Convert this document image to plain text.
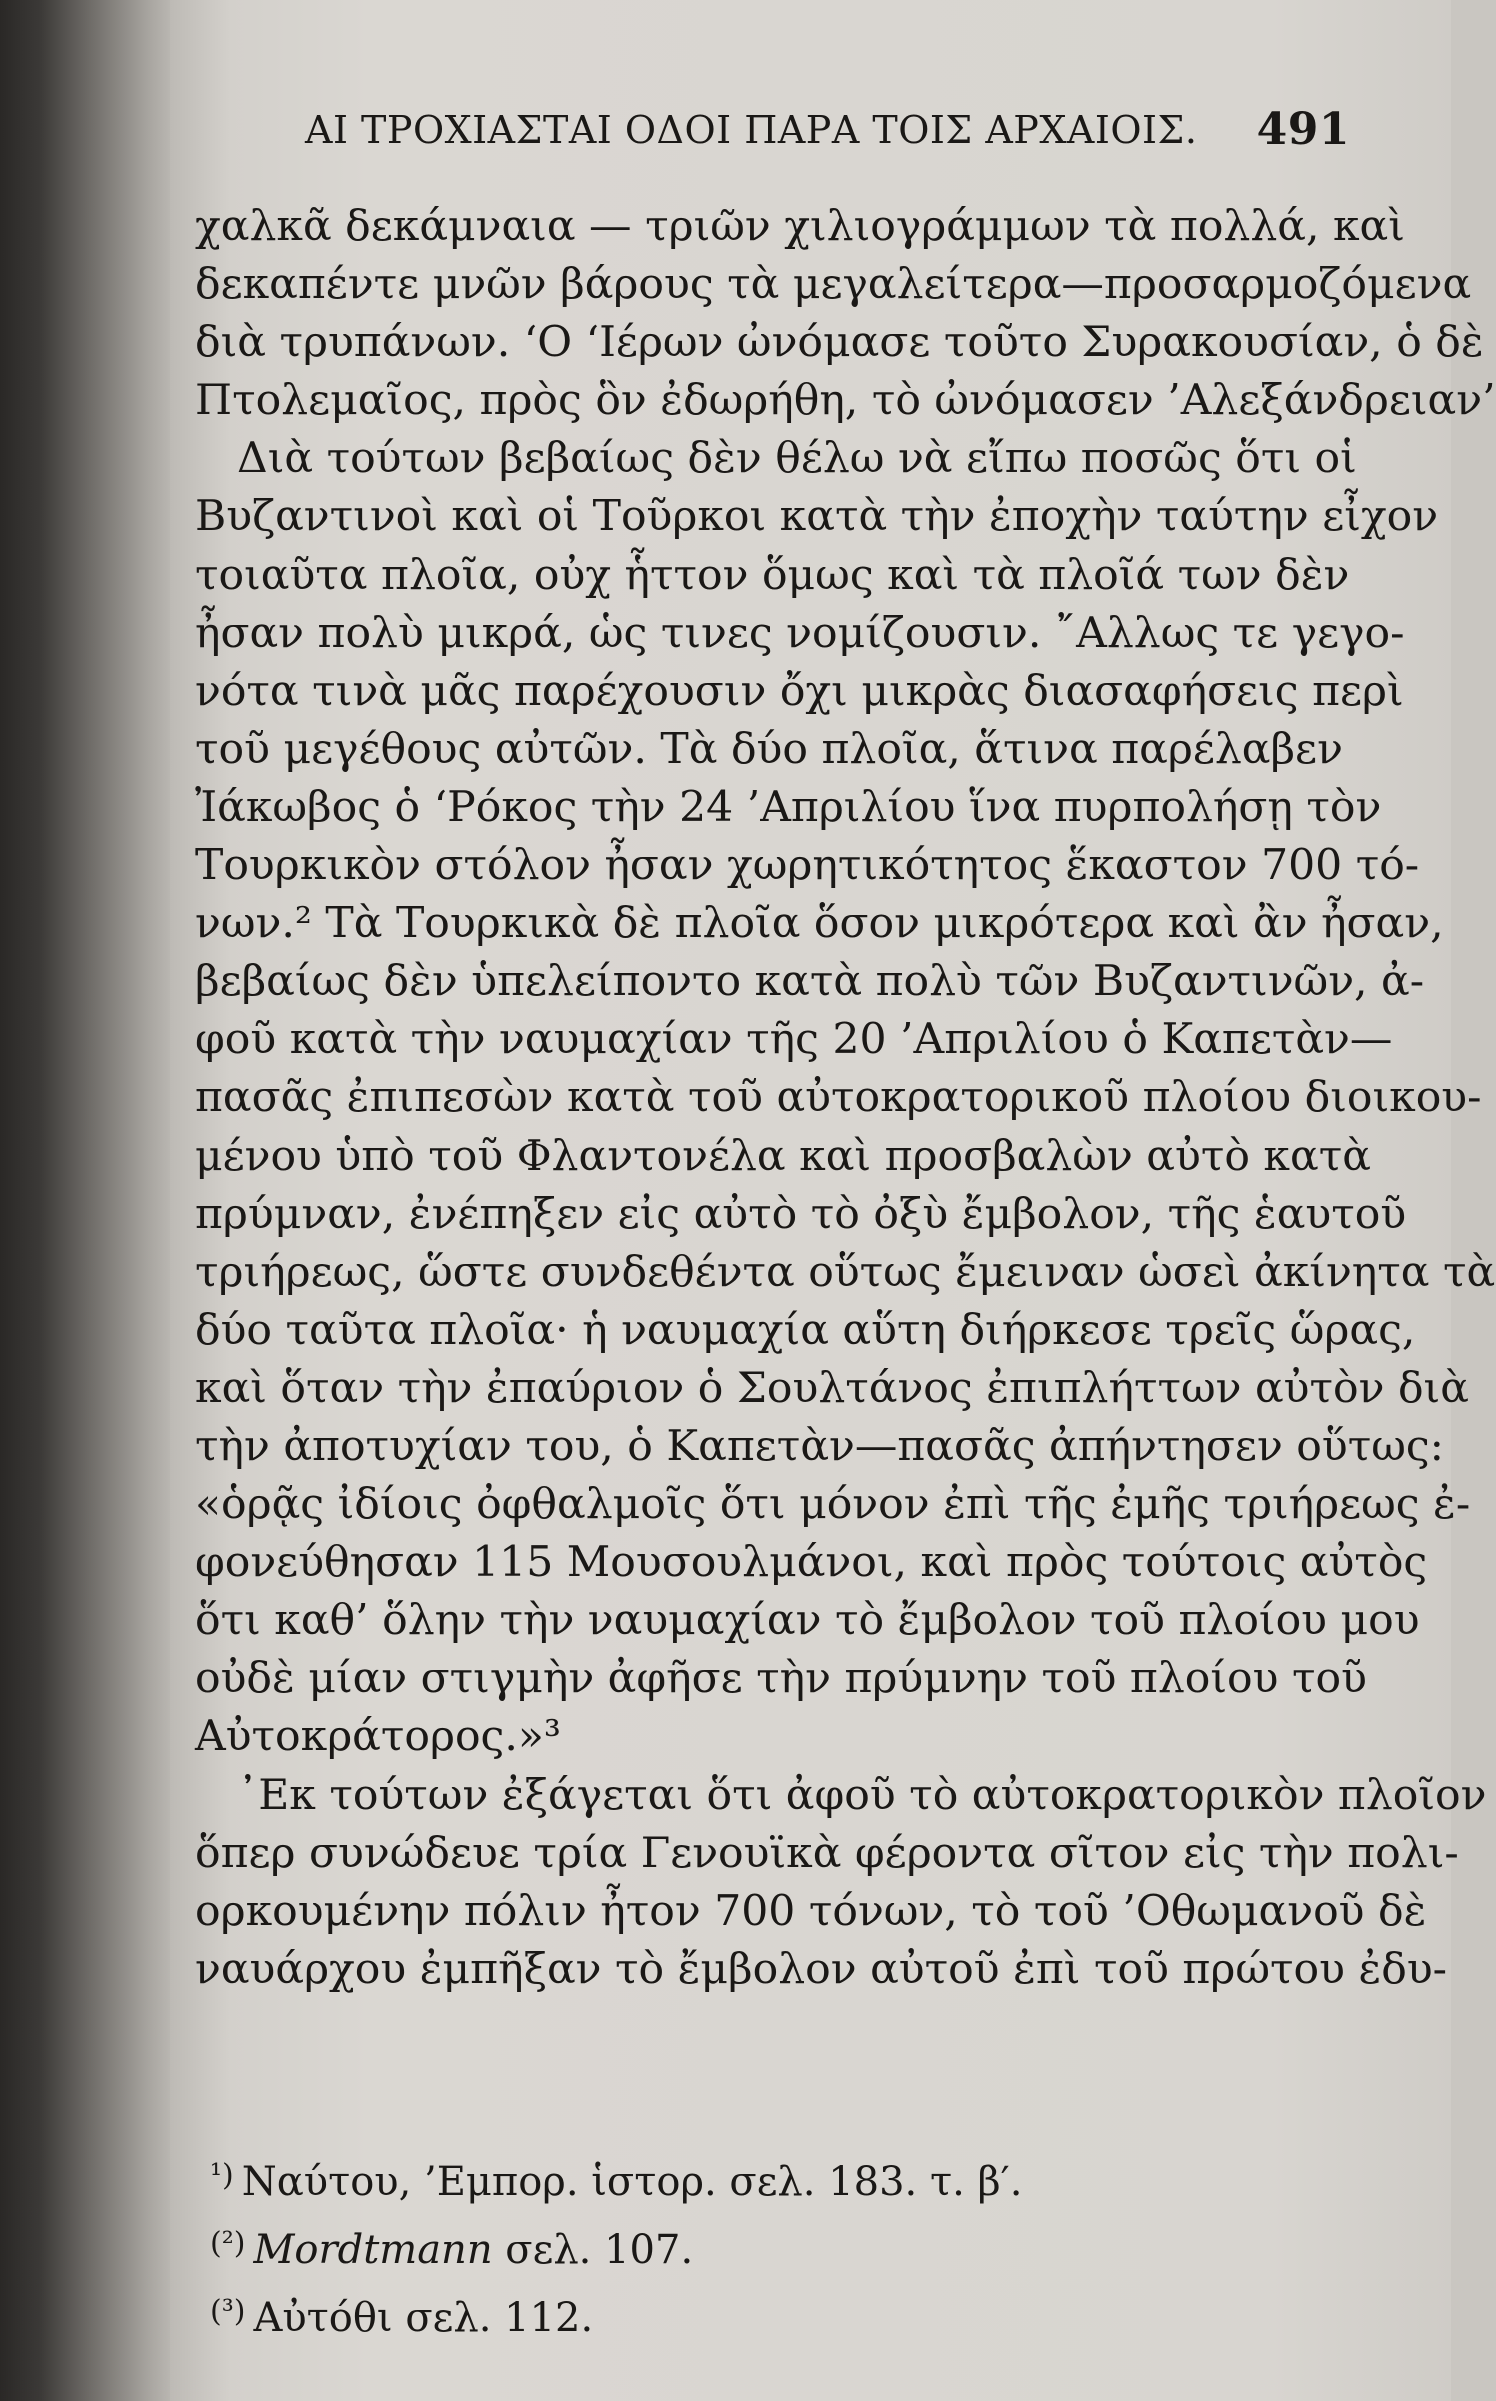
ΑΙ ΤΡΟΧΙΑΣΤΑΙ ΟΔΟΙ ΠΑΡΑ ΤΟΙΣ ΑΡΧΑΙΟΙΣ. 491
χαλκᾶ δεκάμναια — τριῶν χιλιογράμμων τὰ πολλά, καὶ
δεκαπέντε μνῶν βάρους τὰ μεγαλείτερα—προσαρμοζόμενα
διὰ τρυπάνων. ‘Ο ‘Ιέρων ὠνόμασε τοῦτο Συρακουσίαν, ὁ δὲ
Πτολεμαῖος, πρὸς ὃν ἐδωρήθη, τὸ ὠνόμασεν ’Αλεξάνδρειαν’
Διὰ τούτων βεβαίως δὲν θέλω νὰ εἴπω ποσῶς ὅτι οἱ
Βυζαντινοὶ καὶ οἱ Τοῦρκοι κατὰ τὴν ἐποχὴν ταύτην εἶχον
τοιαῦτα πλοῖα, οὐχ ἧττον ὅμως καὶ τὰ πλοῖά των δὲν
ἦσαν πολὺ μικρά, ὡς τινες νομίζουσιν. ῎Αλλως τε γεγο-
νότα τινὰ μᾶς παρέχουσιν ὄχι μικρὰς διασαφήσεις περὶ
τοῦ μεγέθους αὐτῶν. Τὰ δύο πλοῖα, ἅτινα παρέλαβεν
Ἰάκωβος ὁ ‘Ρόκος τὴν 24 ’Απριλίου ἵνα πυρπολήσῃ τὸν
Τουρκικὸν στόλον ἦσαν χωρητικότητος ἕκαστον 700 τό-
νων.² Τὰ Τουρκικὰ δὲ πλοῖα ὅσον μικρότερα καὶ ἂν ἦσαν,
βεβαίως δὲν ὑπελείποντο κατὰ πολὺ τῶν Βυζαντινῶν, ἀ-
φοῦ κατὰ τὴν ναυμαχίαν τῆς 20 ’Απριλίου ὁ Καπετὰν—
πασᾶς ἐπιπεσὼν κατὰ τοῦ αὐτοκρατορικοῦ πλοίου διοικου-
μένου ὑπὸ τοῦ Φλαντονέλα καὶ προσβαλὼν αὐτὸ κατὰ
πρύμναν, ἐνέπηξεν εἰς αὐτὸ τὸ ὀξὺ ἔμβολον, τῆς ἑαυτοῦ
τριήρεως, ὥστε συνδεθέντα οὕτως ἔμειναν ὡσεὶ ἀκίνητα τὰ
δύο ταῦτα πλοῖα· ἡ ναυμαχία αὕτη διήρκεσε τρεῖς ὥρας,
καὶ ὅταν τὴν ἐπαύριον ὁ Σουλτάνος ἐπιπλήττων αὐτὸν διὰ
τὴν ἀποτυχίαν του, ὁ Καπετὰν—πασᾶς ἀπήντησεν οὕτως:
«ὁρᾷς ἰδίοις ὀφθαλμοῖς ὅτι μόνον ἐπὶ τῆς ἐμῆς τριήρεως ἐ-
φονεύθησαν 115 Μουσουλμάνοι, καὶ πρὸς τούτοις αὐτὸς
ὅτι καθ’ ὅλην τὴν ναυμαχίαν τὸ ἔμβολον τοῦ πλοίου μου
οὐδὲ μίαν στιγμὴν ἀφῆσε τὴν πρύμνην τοῦ πλοίου τοῦ
Αὐτοκράτορος.»³
᾿Εκ τούτων ἐξάγεται ὅτι ἀφοῦ τὸ αὐτοκρατορικὸν πλοῖον
ὅπερ συνώδευε τρία Γενουϊκὰ φέροντα σῖτον εἰς τὴν πολι-
ορκουμένην πόλιν ἦτον 700 τόνων, τὸ τοῦ ’Οθωμανοῦ δὲ
ναυάρχου ἐμπῆξαν τὸ ἔμβολον αὐτοῦ ἐπὶ τοῦ πρώτου ἐδυ-
$^{^1)}$ Ναύτου, ’Εμπορ. ἱστορ. σελ. 183. τ. β′.
$^{(^2)}$ Mordtmann σελ. 107.
$^{(^3)}$ Αὐτόθι σελ. 112.
